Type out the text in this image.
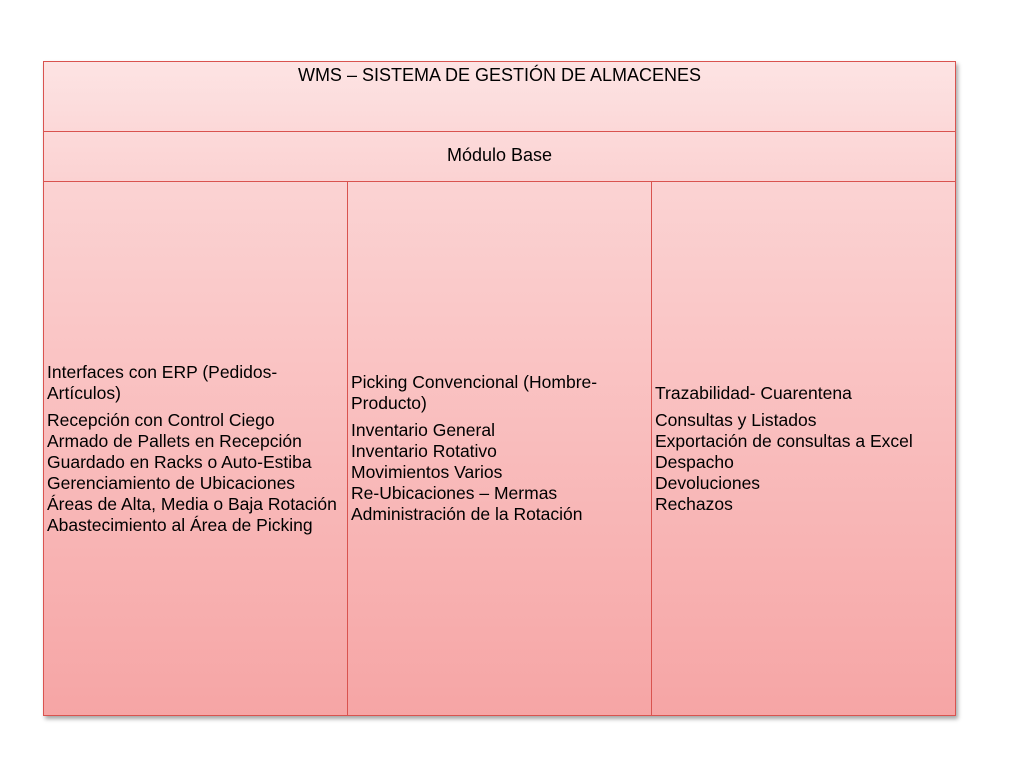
WMS – SISTEMA DE GESTIÓN DE ALMACENES
Módulo Base

Interfaces con ERP (Pedidos-Artículos)

Recepción con Control Ciego
Armado de Pallets en Recepción
Guardado en Racks o Auto-Estiba
Gerenciamiento de Ubicaciones
Áreas de Alta, Media o Baja Rotación
Abastecimiento al Área de Picking

Picking Convencional (Hombre-Producto)

Inventario General
Inventario Rotativo
Movimientos Varios
Re-Ubicaciones – Mermas
Administración de la Rotación

Trazabilidad- Cuarentena

Consultas y Listados
Exportación de consultas a Excel
Despacho
Devoluciones
Rechazos
